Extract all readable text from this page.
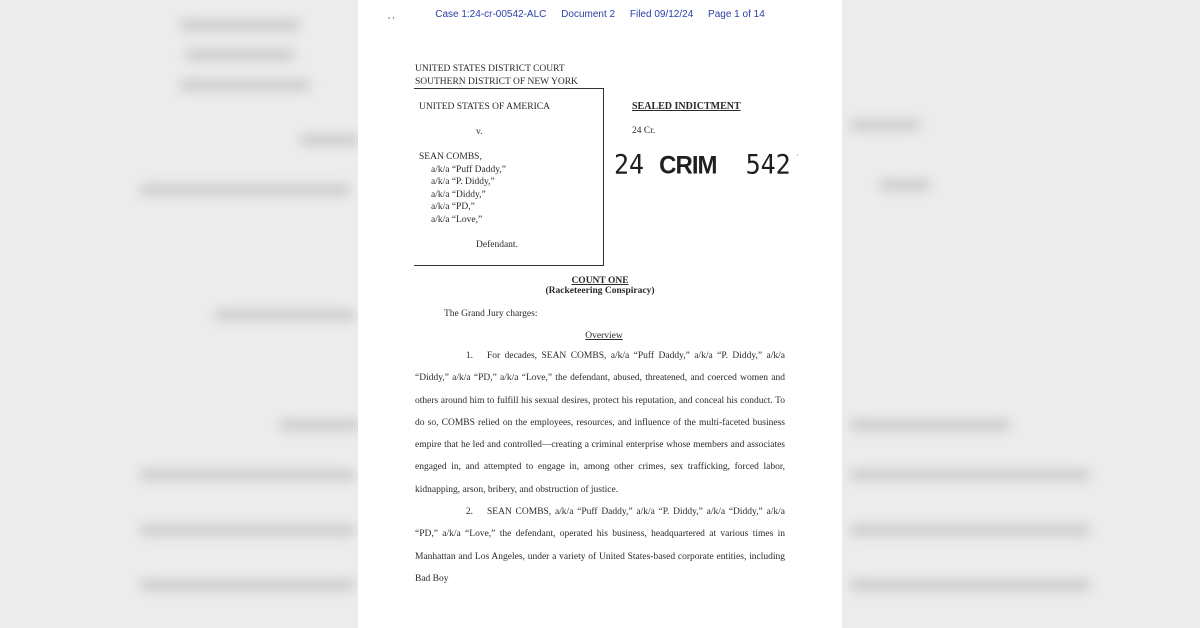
, ,	Case 1:24-cr-00542-ALC Document 2 Filed 09/12/24 Page 1 of 14
UNITED STATES DISTRICT COURT
SOUTHERN DISTRICT OF NEW YORK
UNITED STATES OF AMERICA
v.
SEAN COMBS,
a/k/a “Puff Daddy,”
a/k/a “P. Diddy,”
a/k/a “Diddy,”
a/k/a “PD,”
a/k/a “Love,”
Defendant.
SEALED INDICTMENT
24 Cr.
24 CRIM 542 ·
COUNT ONE
(Racketeering Conspiracy)
The Grand Jury charges:
Overview
1. For decades, SEAN COMBS, a/k/a “Puff Daddy,” a/k/a “P. Diddy,” a/k/a “Diddy,” a/k/a “PD,” a/k/a “Love,” the defendant, abused, threatened, and coerced women and others around him to fulfill his sexual desires, protect his reputation, and conceal his conduct. To do so, COMBS relied on the employees, resources, and influence of the multi-faceted business empire that he led and controlled—creating a criminal enterprise whose members and associates engaged in, and attempted to engage in, among other crimes, sex trafficking, forced labor, kidnapping, arson, bribery, and obstruction of justice.
2. SEAN COMBS, a/k/a “Puff Daddy,” a/k/a “P. Diddy,” a/k/a “Diddy,” a/k/a “PD,” a/k/a “Love,” the defendant, operated his business, headquartered at various times in Manhattan and Los Angeles, under a variety of United States-based corporate entities, including Bad Boy
